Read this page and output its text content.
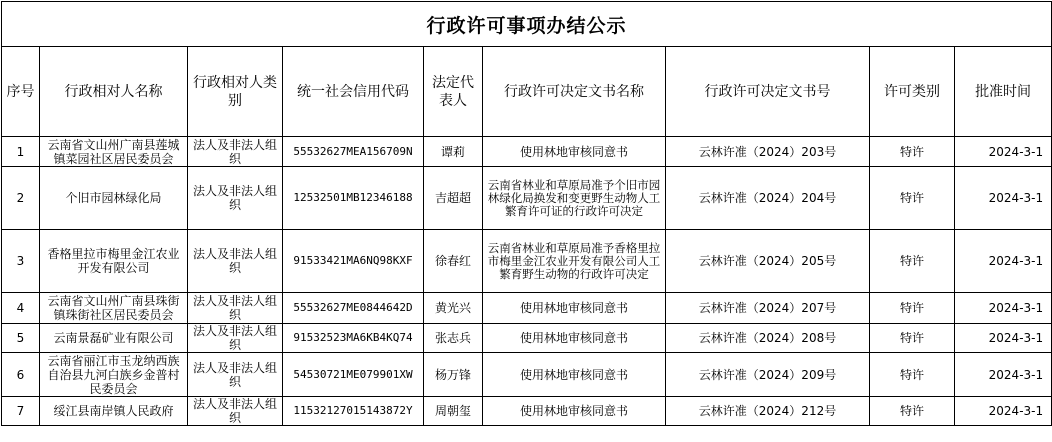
行政许可事项办结公示								
序号	行政相对人名称	行政相对人类别	统一社会信用代码	法定代表人	行政许可决定文书名称	行政许可决定文书号	许可类别	批准时间
1	云南省文山州广南县莲城镇菜园社区居民委员会	法人及非法人组织	55532627MEA156709N	谭莉	使用林地审核同意书	云林许准（2024）203号	特许	2024-3-1
2	个旧市园林绿化局	法人及非法人组织	12532501MB12346188	吉超超	云南省林业和草原局准予个旧市园林绿化局换发和变更野生动物人工繁育许可证的行政许可决定	云林许准（2024）204号	特许	2024-3-1
3	香格里拉市梅里金江农业开发有限公司	法人及非法人组织	91533421MA6NQ98KXF	徐春红	云南省林业和草原局准予香格里拉市梅里金江农业开发有限公司人工繁育野生动物的行政许可决定	云林许准（2024）205号	特许	2024-3-1
4	云南省文山州广南县珠街镇珠街社区居民委员会	法人及非法人组织	55532627ME0844642D	黄光兴	使用林地审核同意书	云林许准（2024）207号	特许	2024-3-1
5	云南景磊矿业有限公司	法人及非法人组织	91532523MA6KB4KQ74	张志兵	使用林地审核同意书	云林许准（2024）208号	特许	2024-3-1
6	云南省丽江市玉龙纳西族自治县九河白族乡金普村民委员会	法人及非法人组织	54530721ME079901XW	杨万锋	使用林地审核同意书	云林许准（2024）209号	特许	2024-3-1
7	绥江县南岸镇人民政府	法人及非法人组织	11532127015143872Y	周朝玺	使用林地审核同意书	云林许准（2024）212号	特许	2024-3-1
